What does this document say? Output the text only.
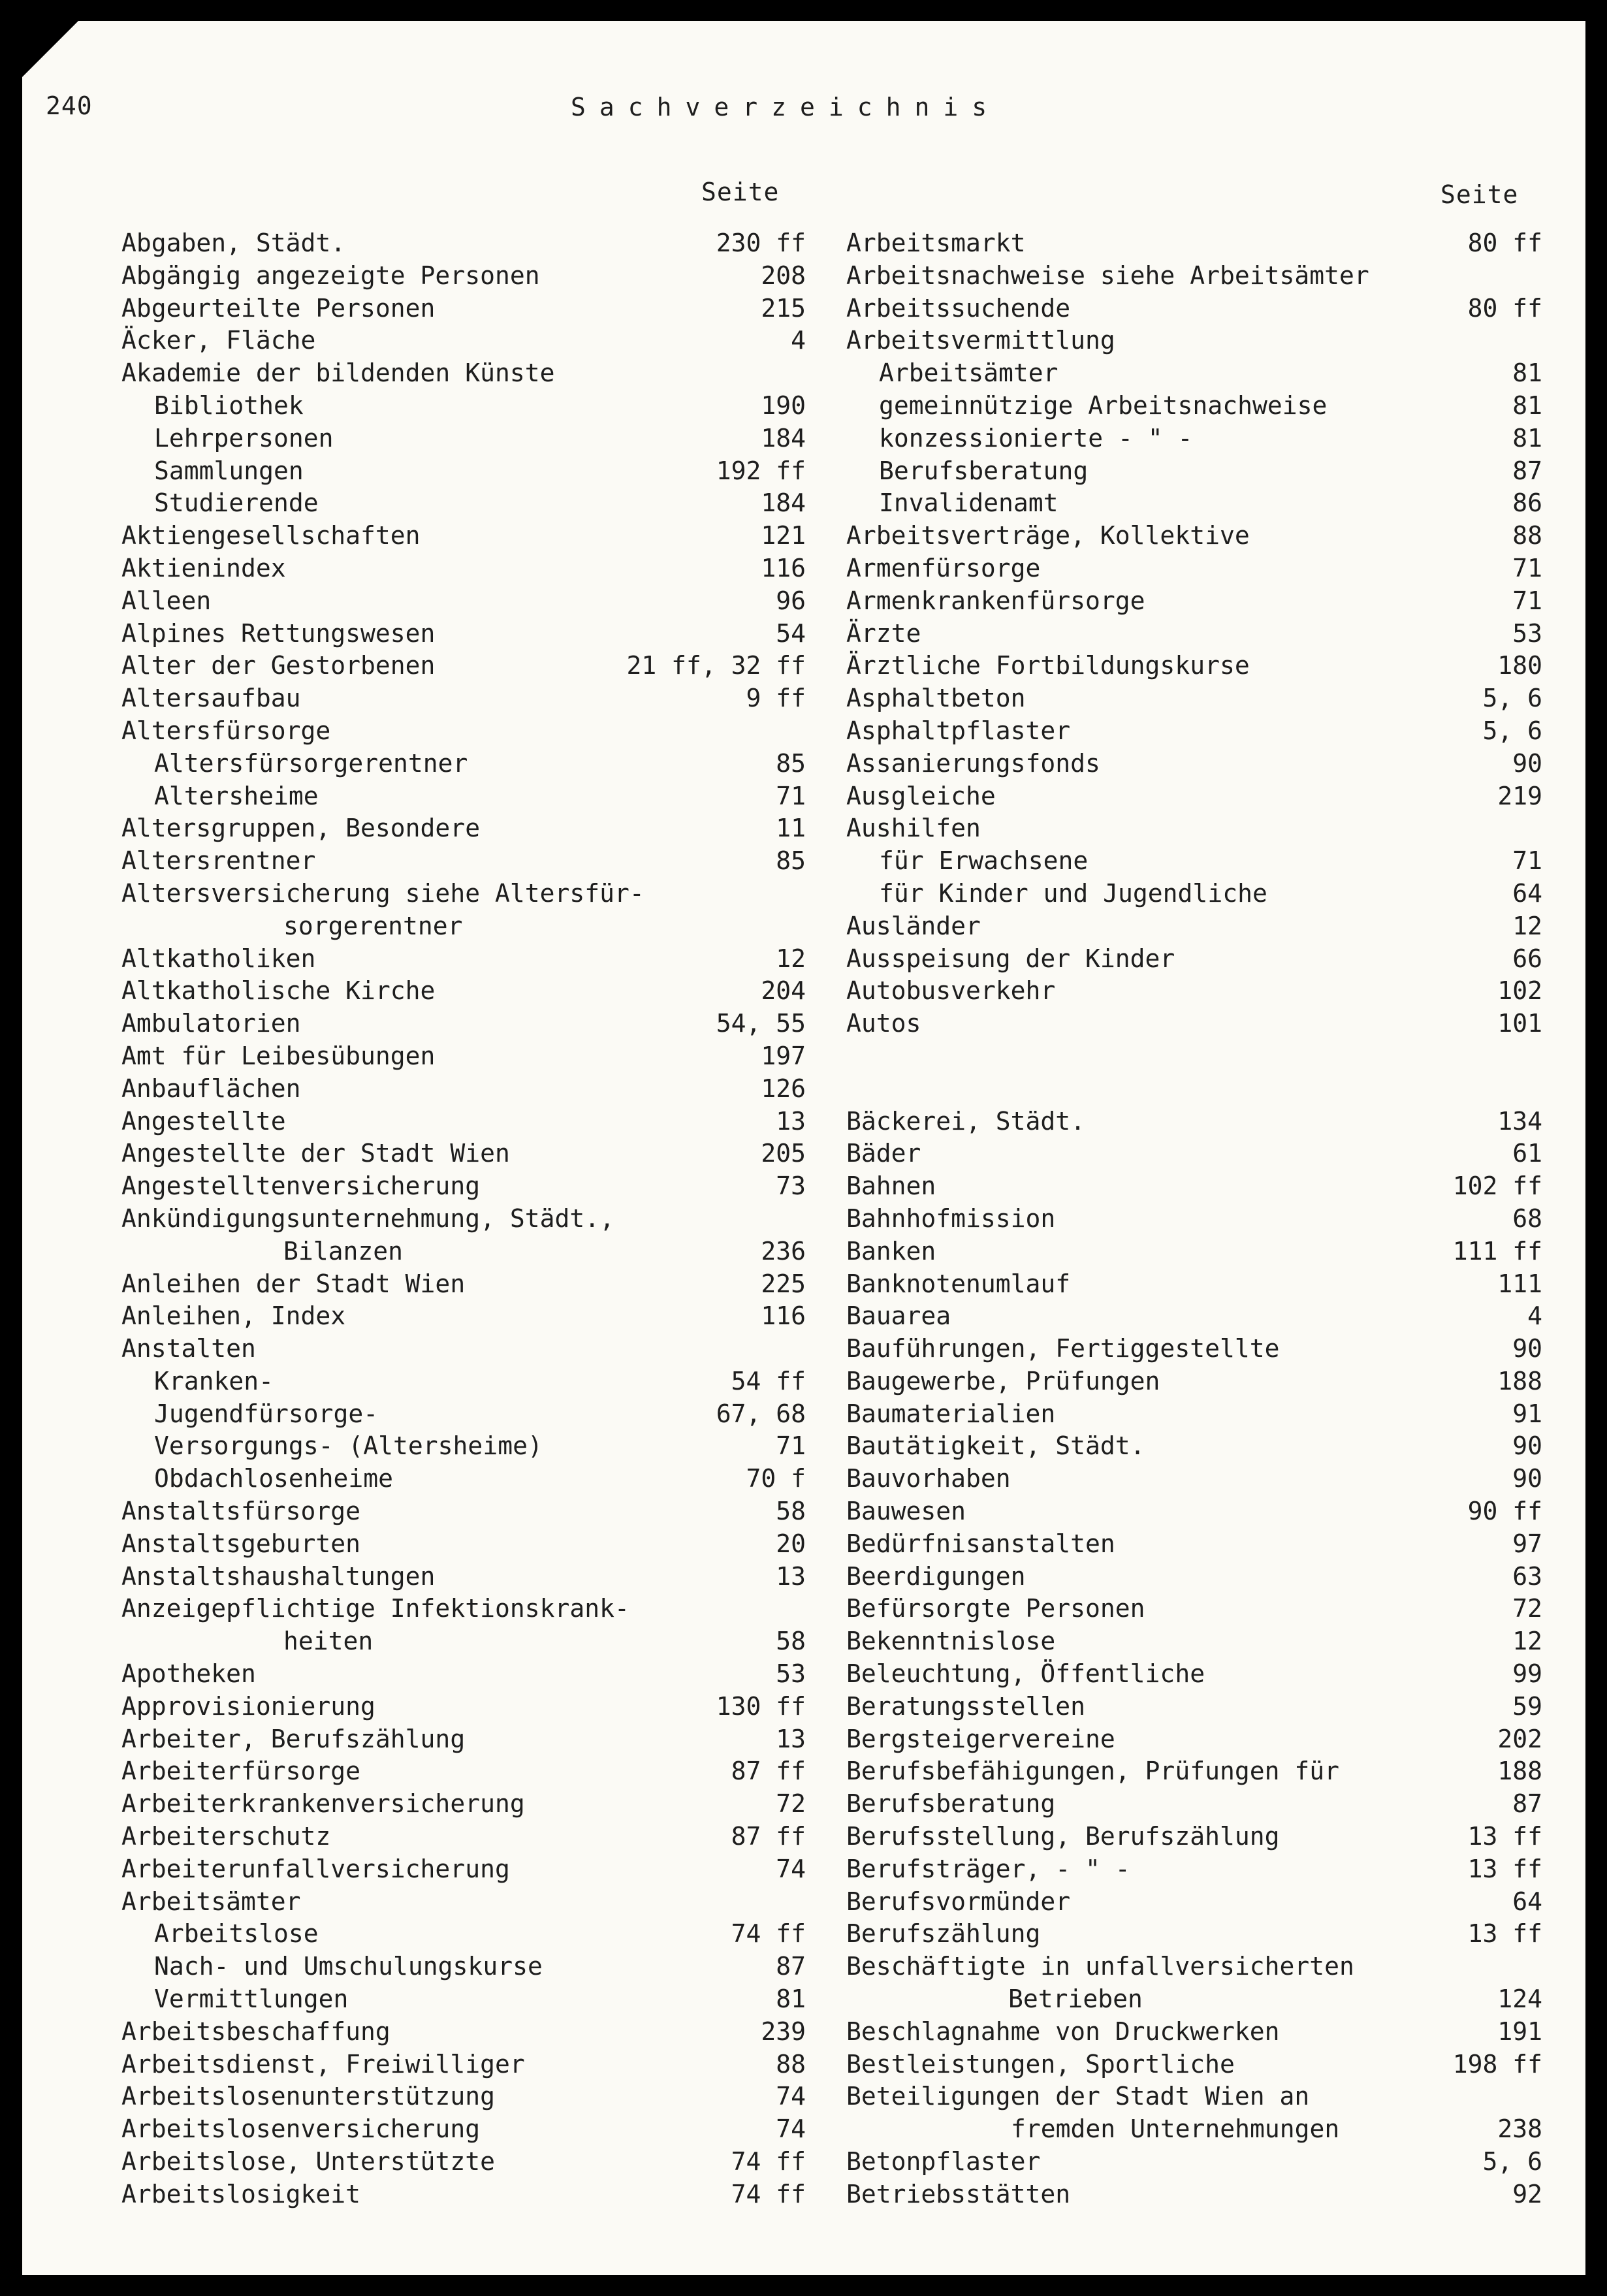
240	Sachverzeichnis
Seite	Seite
Abgaben, Städt.	230 ff
Abgängig angezeigte Personen	208
Abgeurteilte Personen	215
Äcker, Fläche	4
Akademie der bildenden Künste
Bibliothek	190
Lehrpersonen	184
Sammlungen	192 ff
Studierende	184
Aktiengesellschaften	121
Aktienindex	116
Alleen	96
Alpines Rettungswesen	54
Alter der Gestorbenen	21 ff, 32 ff
Altersaufbau	9 ff
Altersfürsorge
Altersfürsorgerentner	85
Altersheime	71
Altersgruppen, Besondere	11
Altersrentner	85
Altersversicherung siehe Altersfür-
sorgerentner
Altkatholiken	12
Altkatholische Kirche	204
Ambulatorien	54, 55
Amt für Leibesübungen	197
Anbauflächen	126
Angestellte	13
Angestellte der Stadt Wien	205
Angestelltenversicherung	73
Ankündigungsunternehmung, Städt.,
Bilanzen	236
Anleihen der Stadt Wien	225
Anleihen, Index	116
Anstalten
Kranken-	54 ff
Jugendfürsorge-	67, 68
Versorgungs- (Altersheime)	71
Obdachlosenheime	70 f
Anstaltsfürsorge	58
Anstaltsgeburten	20
Anstaltshaushaltungen	13
Anzeigepflichtige Infektionskrank-
heiten	58
Apotheken	53
Approvisionierung	130 ff
Arbeiter, Berufszählung	13
Arbeiterfürsorge	87 ff
Arbeiterkrankenversicherung	72
Arbeiterschutz	87 ff
Arbeiterunfallversicherung	74
Arbeitsämter
Arbeitslose	74 ff
Nach- und Umschulungskurse	87
Vermittlungen	81
Arbeitsbeschaffung	239
Arbeitsdienst, Freiwilliger	88
Arbeitslosenunterstützung	74
Arbeitslosenversicherung	74
Arbeitslose, Unterstützte	74 ff
Arbeitslosigkeit	74 ff
Arbeitsmarkt	80 ff
Arbeitsnachweise siehe Arbeitsämter
Arbeitssuchende	80 ff
Arbeitsvermittlung
Arbeitsämter	81
gemeinnützige Arbeitsnachweise	81
konzessionierte - " -	81
Berufsberatung	87
Invalidenamt	86
Arbeitsverträge, Kollektive	88
Armenfürsorge	71
Armenkrankenfürsorge	71
Ärzte	53
Ärztliche Fortbildungskurse	180
Asphaltbeton	5, 6
Asphaltpflaster	5, 6
Assanierungsfonds	90
Ausgleiche	219
Aushilfen
für Erwachsene	71
für Kinder und Jugendliche	64
Ausländer	12
Ausspeisung der Kinder	66
Autobusverkehr	102
Autos	101
Bäckerei, Städt.	134
Bäder	61
Bahnen	102 ff
Bahnhofmission	68
Banken	111 ff
Banknotenumlauf	111
Bauarea	4
Bauführungen, Fertiggestellte	90
Baugewerbe, Prüfungen	188
Baumaterialien	91
Bautätigkeit, Städt.	90
Bauvorhaben	90
Bauwesen	90 ff
Bedürfnisanstalten	97
Beerdigungen	63
Befürsorgte Personen	72
Bekenntnislose	12
Beleuchtung, Öffentliche	99
Beratungsstellen	59
Bergsteigervereine	202
Berufsbefähigungen, Prüfungen für	188
Berufsberatung	87
Berufsstellung, Berufszählung	13 ff
Berufsträger, - " -	13 ff
Berufsvormünder	64
Berufszählung	13 ff
Beschäftigte in unfallversicherten
Betrieben	124
Beschlagnahme von Druckwerken	191
Bestleistungen, Sportliche	198 ff
Beteiligungen der Stadt Wien an
fremden Unternehmungen	238
Betonpflaster	5, 6
Betriebsstätten	92
